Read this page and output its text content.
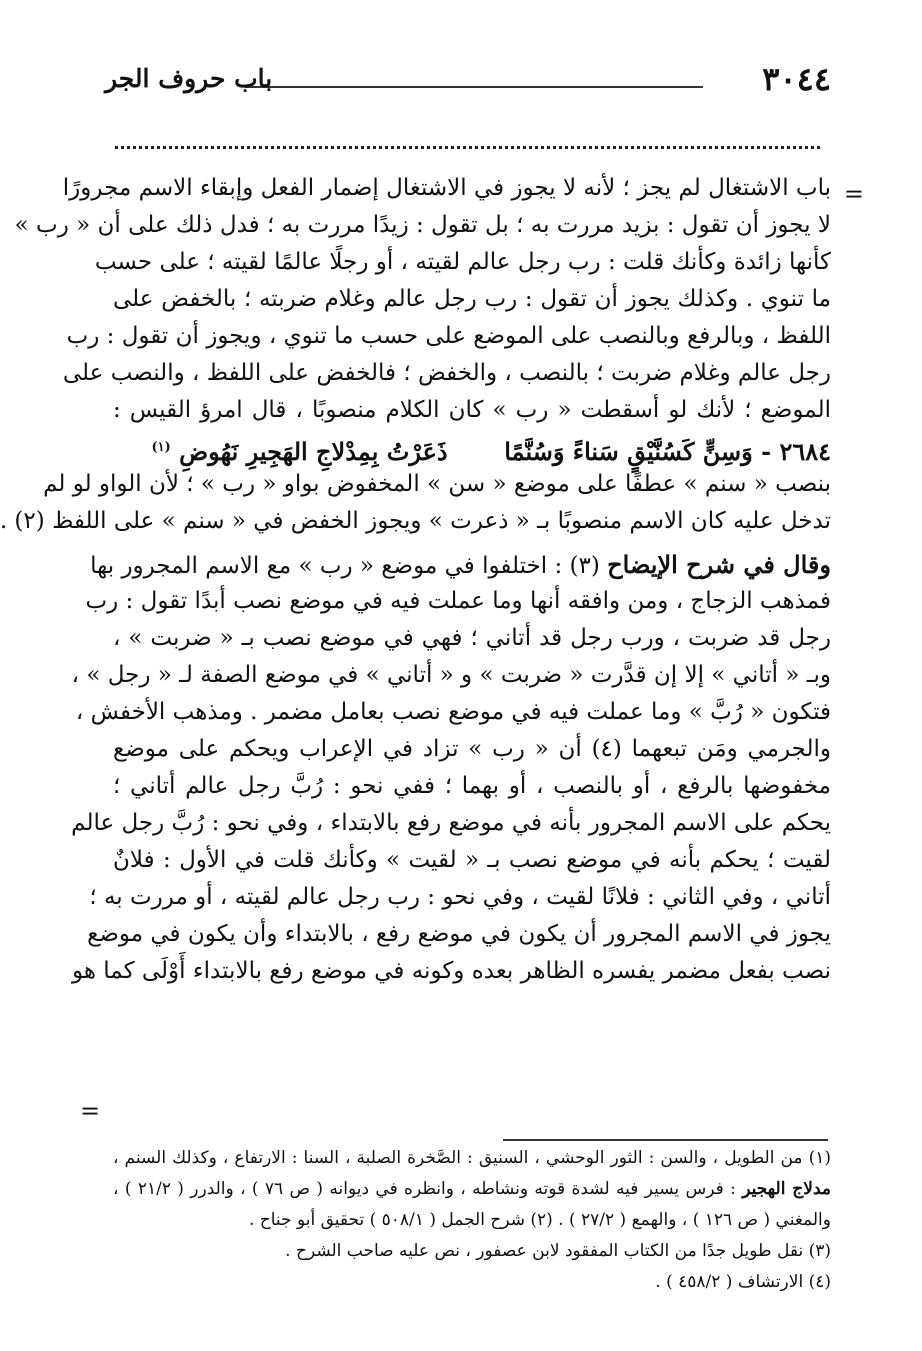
٣٠٤٤
باب حروف الجر
=
باب الاشتغال لم يجز ؛ لأنه لا يجوز في الاشتغال إضمار الفعل وإبقاء الاسم مجرورًا
لا يجوز أن تقول : بزيد مررت به ؛ بل تقول : زيدًا مررت به ؛ فدل ذلك على أن « رب »
كأنها زائدة وكأنك قلت : رب رجل عالم لقيته ، أو رجلًا عالمًا لقيته ؛ على حسب
ما تنوي . وكذلك يجوز أن تقول : رب رجل عالم وغلام ضربته ؛ بالخفض على
اللفظ ، وبالرفع وبالنصب على الموضع على حسب ما تنوي ، ويجوز أن تقول : رب
رجل عالم وغلام ضربت ؛ بالنصب ، والخفض ؛ فالخفض على اللفظ ، والنصب على
الموضع ؛ لأنك لو أسقطت « رب » كان الكلام منصوبًا ، قال امرؤ القيس :
٢٦٨٤ - وَسِنٍّ كَسُنَّيْقٍ سَناءً وَسُنَّمًا  ذَعَرْتُ بِمِدْلاجِ الهَجِيرِ نَهُوضِ $^{(١)}$
بنصب « سنم » عطفًا على موضع « سن » المخفوض بواو « رب » ؛ لأن الواو لو لم
تدخل عليه كان الاسم منصوبًا بـ « ذعرت » ويجوز الخفض في « سنم » على اللفظ (٢) .
وقال في شرح الإيضاح (٣) : اختلفوا في موضع « رب » مع الاسم المجرور بها
فمذهب الزجاج ، ومن وافقه أنها وما عملت فيه في موضع نصب أبدًا تقول : رب
رجل قد ضربت ، ورب رجل قد أتاني ؛ فهي في موضع نصب بـ « ضربت » ،
وبـ « أتاني » إلا إن قدَّرت « ضربت » و « أتاني » في موضع الصفة لـ « رجل » ،
فتكون « رُبَّ » وما عملت فيه في موضع نصب بعامل مضمر . ومذهب الأخفش ،
والجرمي ومَن تبعهما (٤) أن « رب » تزاد في الإعراب ويحكم على موضع
مخفوضها بالرفع ، أو بالنصب ، أو بهما ؛ ففي نحو : رُبَّ رجل عالم أتاني ؛
يحكم على الاسم المجرور بأنه في موضع رفع بالابتداء ، وفي نحو : رُبَّ رجل عالم
لقيت ؛ يحكم بأنه في موضع نصب بـ « لقيت » وكأنك قلت في الأول : فلانٌ
أتاني ، وفي الثاني : فلانًا لقيت ، وفي نحو : رب رجل عالم لقيته ، أو مررت به ؛
يجوز في الاسم المجرور أن يكون في موضع رفع ، بالابتداء وأن يكون في موضع
نصب بفعل مضمر يفسره الظاهر بعده وكونه في موضع رفع بالابتداء أَوْلَى كما هو
=
(١) من الطويل ، والسن : الثور الوحشي ، السنيق : الصَّخرة الصلبة ، السنا : الارتفاع ، وكذلك السنم ،
مدلاج الهجير : فرس يسير فيه لشدة قوته ونشاطه ، وانظره في ديوانه ( ص ٧٦ ) ، والدرر ( ٢١/٢ ) ،
والمغني ( ص ١٢٦ ) ، والهمع ( ٢٧/٢ ) . (٢) شرح الجمل ( ٥٠٨/١ ) تحقيق أبو جناح .
(٣) نقل طويل جدًا من الكتاب المفقود لابن عصفور ، نص عليه صاحب الشرح .
(٤) الارتشاف ( ٤٥٨/٢ ) .
